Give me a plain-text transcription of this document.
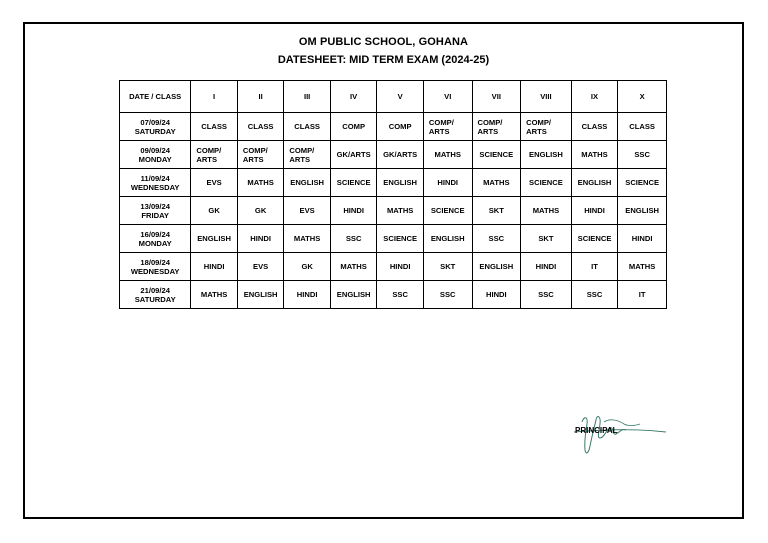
OM PUBLIC SCHOOL, GOHANA
DATESHEET: MID TERM EXAM (2024-25)
DATE / CLASS	I	II	III	IV	V	VI	VII	VIII	IX	X

07/09/24
SATURDAY	CLASS	CLASS	CLASS	COMP	COMP	COMP/ ARTS	COMP/ ARTS	COMP/ ARTS	CLASS	CLASS

09/09/24
MONDAY	COMP/ ARTS	COMP/ ARTS	COMP/ ARTS	GK/ARTS	GK/ARTS	MATHS	SCIENCE	ENGLISH	MATHS	SSC

11/09/24
WEDNESDAY	EVS	MATHS	ENGLISH	SCIENCE	ENGLISH	HINDI	MATHS	SCIENCE	ENGLISH	SCIENCE

13/09/24
FRIDAY	GK	GK	EVS	HINDI	MATHS	SCIENCE	SKT	MATHS	HINDI	ENGLISH

16/09/24
MONDAY	ENGLISH	HINDI	MATHS	SSC	SCIENCE	ENGLISH	SSC	SKT	SCIENCE	HINDI

18/09/24
WEDNESDAY	HINDI	EVS	GK	MATHS	HINDI	SKT	ENGLISH	HINDI	IT	MATHS

21/09/24
SATURDAY	MATHS	ENGLISH	HINDI	ENGLISH	SSC	SSC	HINDI	SSC	SSC	IT
PRINCIPAL
